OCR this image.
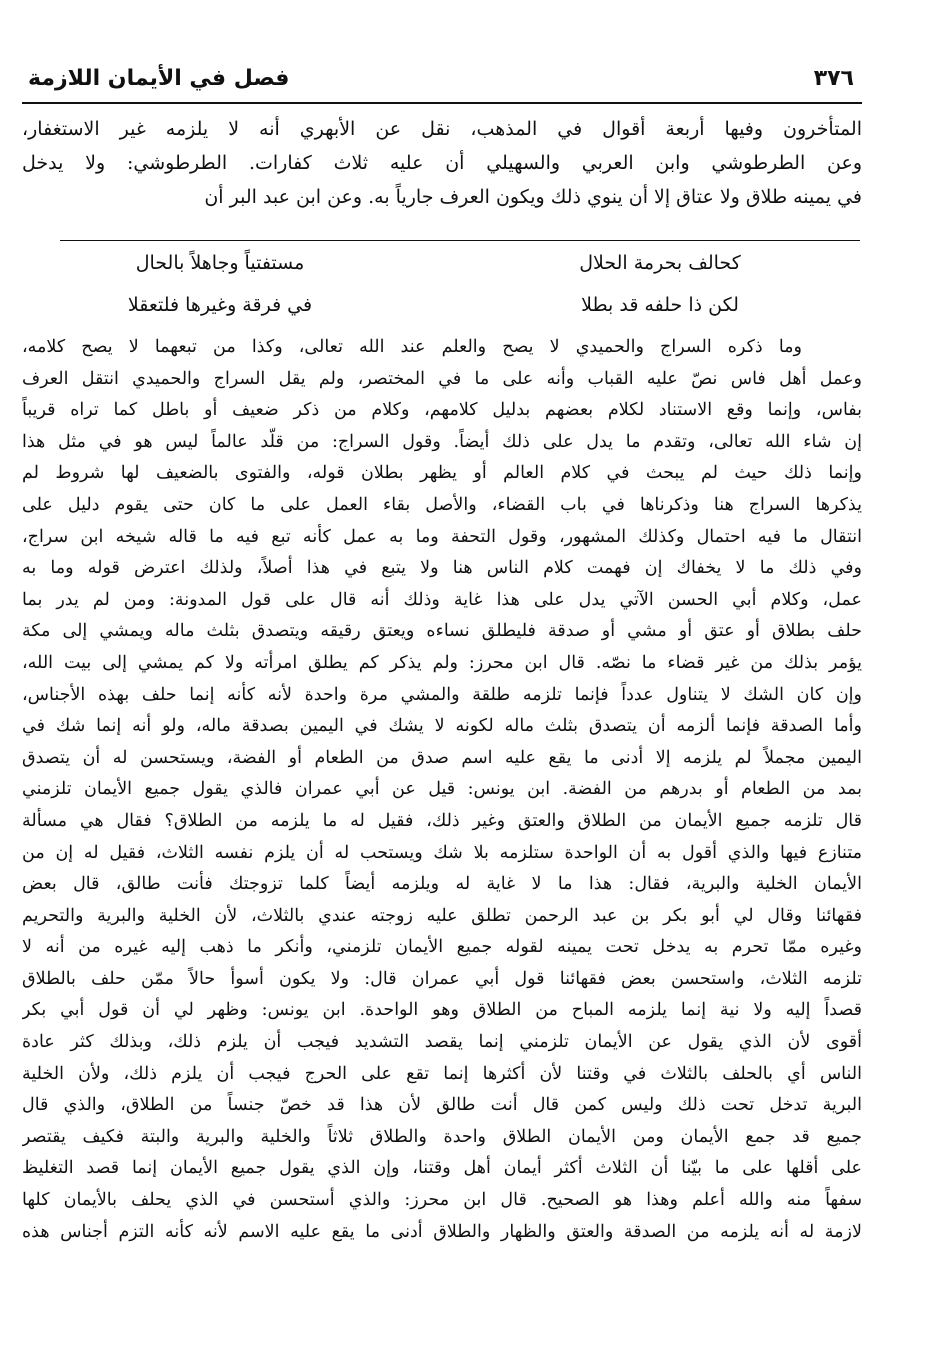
٣٧٦
فصل في الأيمان اللازمة

المتأخرون وفيها أربعة أقوال في المذهب، نقل عن الأبهري أنه لا يلزمه غير الاستغفار،

وعن الطرطوشي وابن العربي والسهيلي أن عليه ثلاث كفارات. الطرطوشي: ولا يدخل

في يمينه طلاق ولا عتاق إلا أن ينوي ذلك ويكون العرف جارياً به. وعن ابن عبد البر أن

كحالف بحرمة الحلال
مستفتياً وجاهلاً بالحال
لكن ذا حلفه قد بطلا
في فرقة وغيرها فلتعقلا

وما ذكره السراج والحميدي لا يصح والعلم عند الله تعالى، وكذا من تبعهما لا يصح كلامه،

وعمل أهل فاس نصّ عليه القباب وأنه على ما في المختصر، ولم يقل السراج والحميدي انتقل العرف

بفاس، وإنما وقع الاستناد لكلام بعضهم بدليل كلامهم، وكلام من ذكر ضعيف أو باطل كما تراه قريباً

إن شاء الله تعالى، وتقدم ما يدل على ذلك أيضاً. وقول السراج: من قلّد عالماً ليس هو في مثل هذا

وإنما ذلك حيث لم يبحث في كلام العالم أو يظهر بطلان قوله، والفتوى بالضعيف لها شروط لم

يذكرها السراج هنا وذكرناها في باب القضاء، والأصل بقاء العمل على ما كان حتى يقوم دليل على

انتقال ما فيه احتمال وكذلك المشهور، وقول التحفة وما به عمل كأنه تبع فيه ما قاله شيخه ابن سراج،

وفي ذلك ما لا يخفاك إن فهمت كلام الناس هنا ولا يتبع في هذا أصلاً، ولذلك اعترض قوله وما به

عمل، وكلام أبي الحسن الآتي يدل على هذا غاية وذلك أنه قال على قول المدونة: ومن لم يدر بما

حلف بطلاق أو عتق أو مشي أو صدقة فليطلق نساءه ويعتق رقيقه ويتصدق بثلث ماله ويمشي إلى مكة

يؤمر بذلك من غير قضاء ما نصّه. قال ابن محرز: ولم يذكر كم يطلق امرأته ولا كم يمشي إلى بيت الله،

وإن كان الشك لا يتناول عدداً فإنما تلزمه طلقة والمشي مرة واحدة لأنه كأنه إنما حلف بهذه الأجناس،

وأما الصدقة فإنما ألزمه أن يتصدق بثلث ماله لكونه لا يشك في اليمين بصدقة ماله، ولو أنه إنما شك في

اليمين مجملاً لم يلزمه إلا أدنى ما يقع عليه اسم صدق من الطعام أو الفضة، ويستحسن له أن يتصدق

بمد من الطعام أو بدرهم من الفضة. ابن يونس: قيل عن أبي عمران فالذي يقول جميع الأيمان تلزمني

قال تلزمه جميع الأيمان من الطلاق والعتق وغير ذلك، فقيل له ما يلزمه من الطلاق؟ فقال هي مسألة

متنازع فيها والذي أقول به أن الواحدة ستلزمه بلا شك ويستحب له أن يلزم نفسه الثلاث، فقيل له إن من

الأيمان الخلية والبرية، فقال: هذا ما لا غاية له ويلزمه أيضاً كلما تزوجتك فأنت طالق، قال بعض

فقهائنا وقال لي أبو بكر بن عبد الرحمن تطلق عليه زوجته عندي بالثلاث، لأن الخلية والبرية والتحريم

وغيره ممّا تحرم به يدخل تحت يمينه لقوله جميع الأيمان تلزمني، وأنكر ما ذهب إليه غيره من أنه لا

تلزمه الثلاث، واستحسن بعض فقهائنا قول أبي عمران قال: ولا يكون أسوأ حالاً ممّن حلف بالطلاق

قصداً إليه ولا نية إنما يلزمه المباح من الطلاق وهو الواحدة. ابن يونس: وظهر لي أن قول أبي بكر

أقوى لأن الذي يقول عن الأيمان تلزمني إنما يقصد التشديد فيجب أن يلزم ذلك، وبذلك كثر عادة

الناس أي بالحلف بالثلاث في وقتنا لأن أكثرها إنما تقع على الحرج فيجب أن يلزم ذلك، ولأن الخلية

البرية تدخل تحت ذلك وليس كمن قال أنت طالق لأن هذا قد خصّ جنساً من الطلاق، والذي قال

جميع قد جمع الأيمان ومن الأيمان الطلاق واحدة والطلاق ثلاثاً والخلية والبرية والبتة فكيف يقتصر

على أقلها على ما بيّنا أن الثلاث أكثر أيمان أهل وقتنا، وإن الذي يقول جميع الأيمان إنما قصد التغليظ

سفهاً منه والله أعلم وهذا هو الصحيح. قال ابن محرز: والذي أستحسن في الذي يحلف بالأيمان كلها

لازمة له أنه يلزمه من الصدقة والعتق والظهار والطلاق أدنى ما يقع عليه الاسم لأنه كأنه التزم أجناس هذه
